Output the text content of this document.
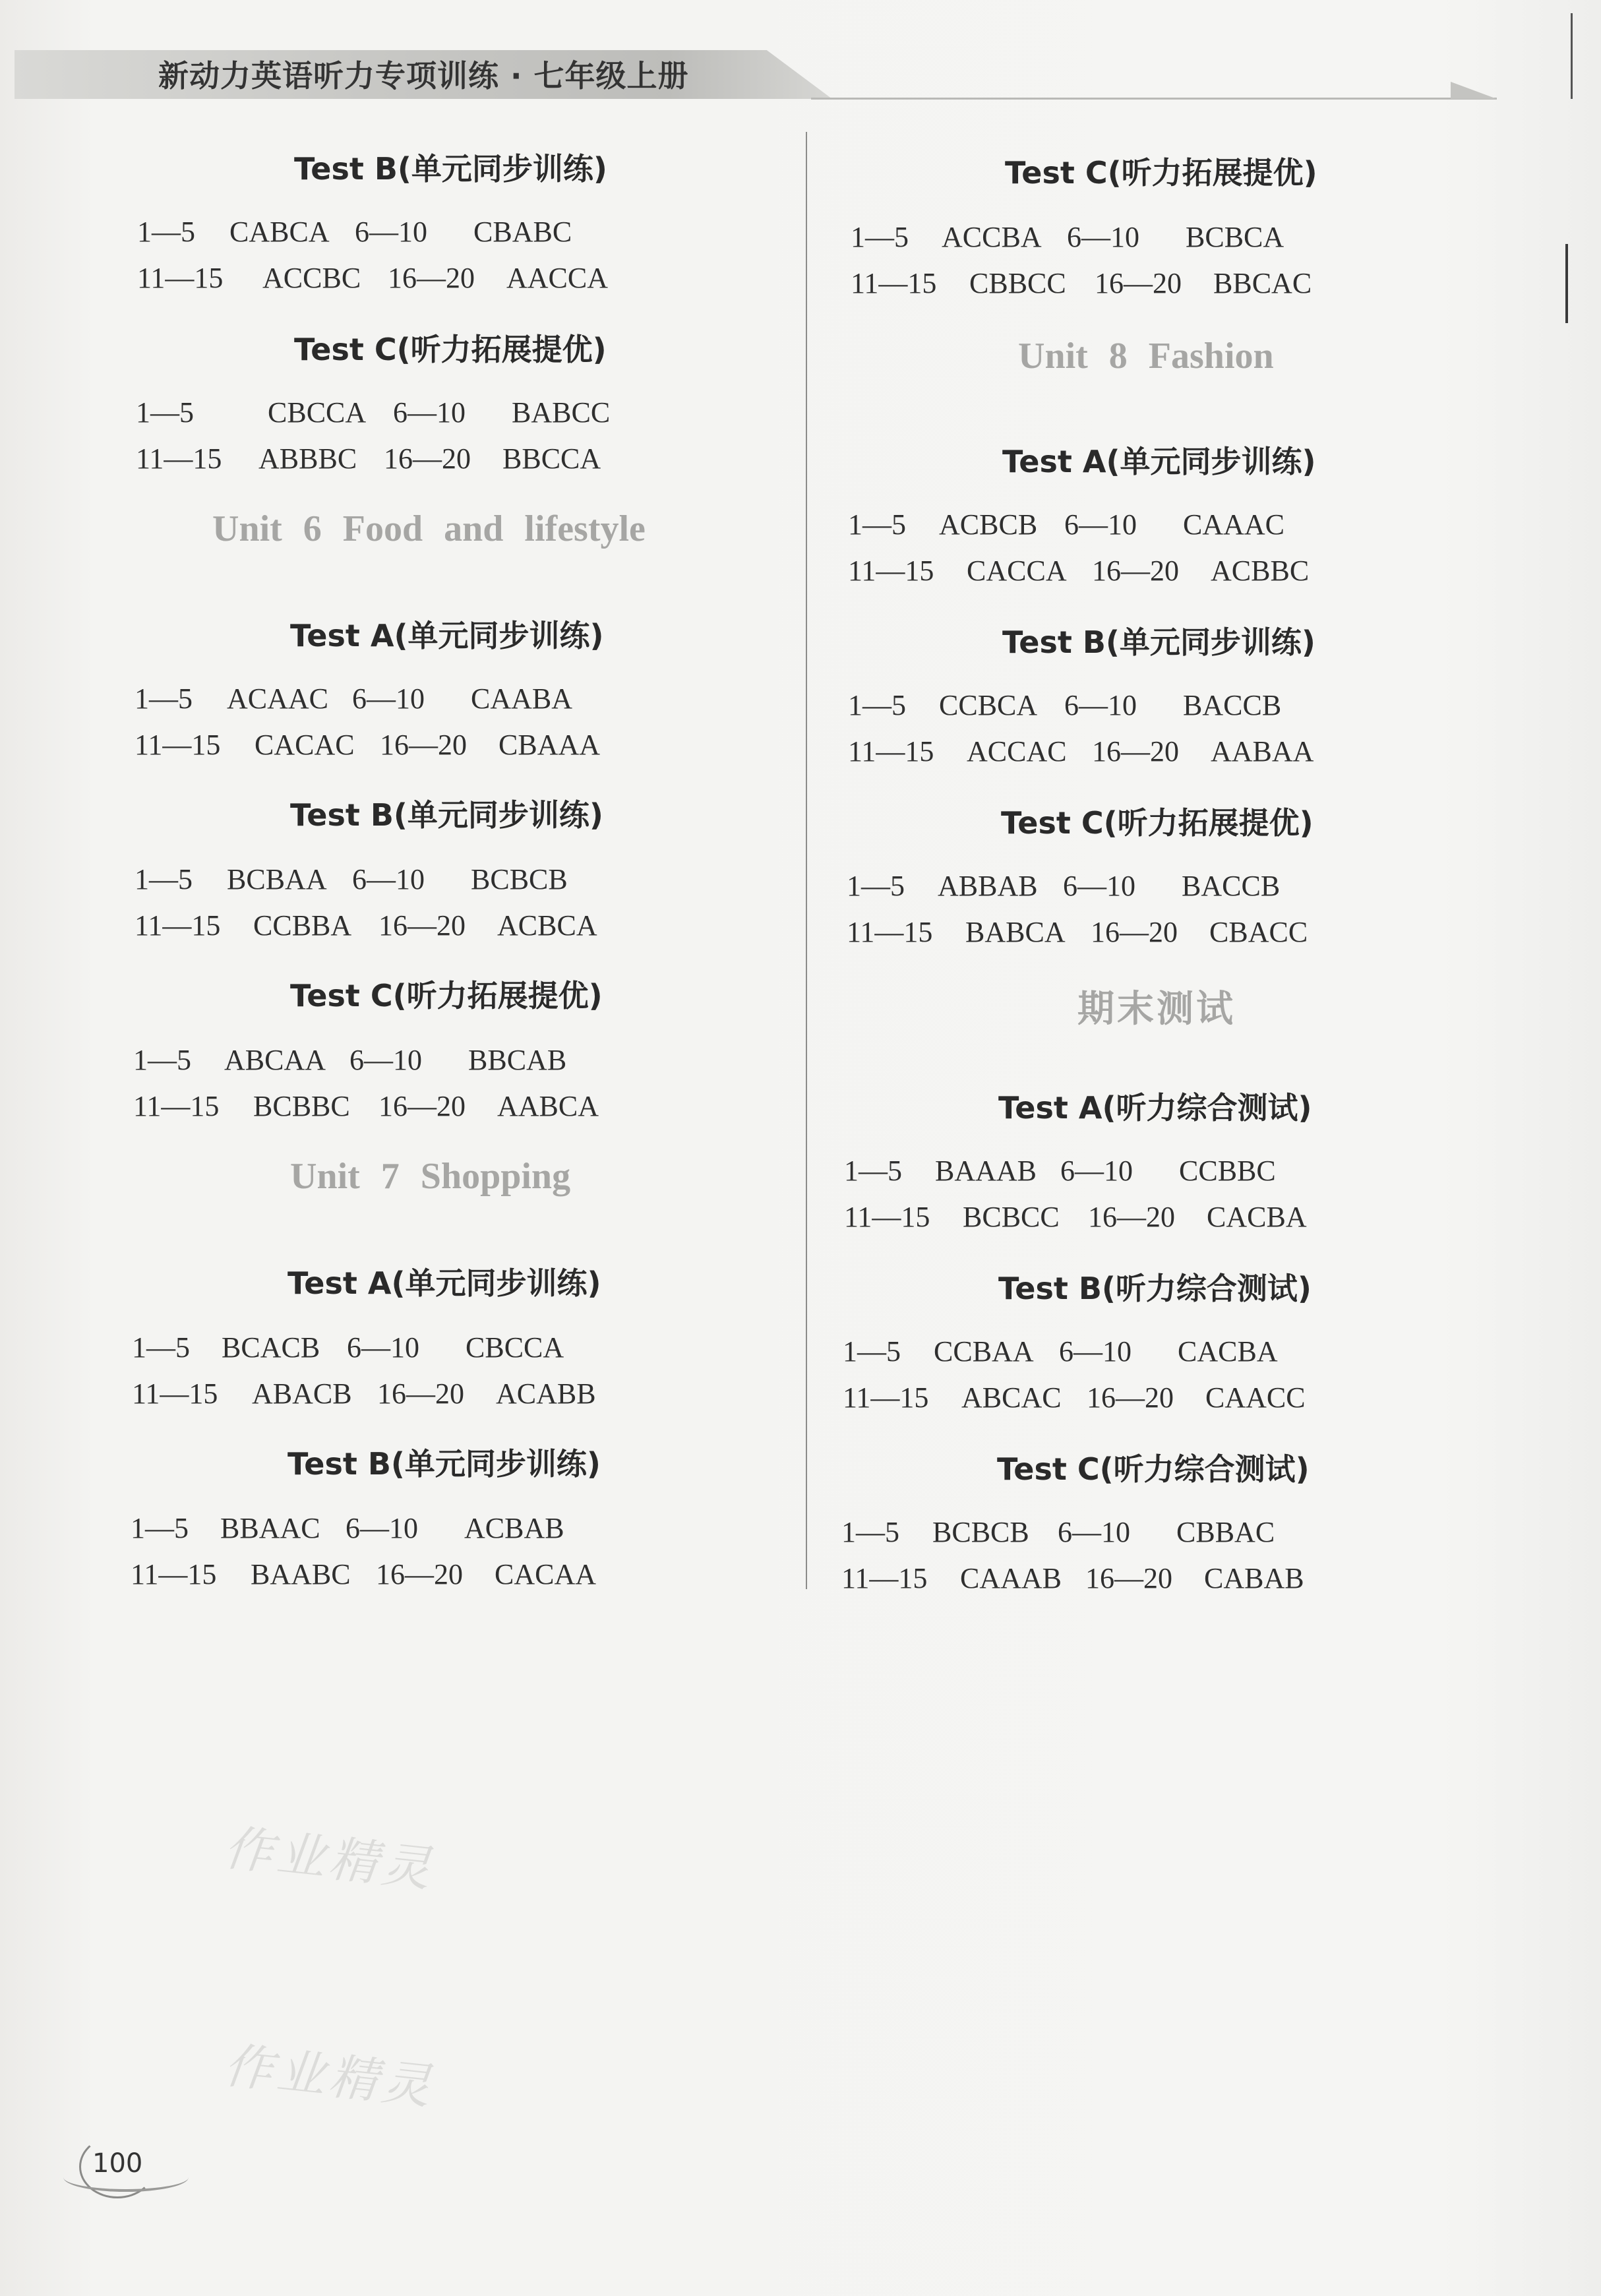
新动力英语听力专项训练 · 七年级上册
Test B(单元同步训练)
1—5 CABCA 6—10 CBABC
11—15 ACCBC 16—20 AACCA
Test C(听力拓展提优)
1—5	CBCCA 6—10 BABCC
11—15 ABBBC 16—20 BBCCA
Unit 6 Food and lifestyle
Test A(单元同步训练)
1—5 ACAAC 6—10 CAABA
11—15 CACAC 16—20 CBAAA
Test B(单元同步训练)
1—5 BCBAA 6—10 BCBCB
11—15 CCBBA 16—20 ACBCA
Test C(听力拓展提优)
1—5 ABCAA 6—10 BBCAB
11—15 BCBBC 16—20 AABCA
Unit 7 Shopping
Test A(单元同步训练)
1—5 BCACB 6—10 CBCCA
11—15 ABACB 16—20 ACABB
Test B(单元同步训练)
1—5 BBAAC 6—10 ACBAB
11—15 BAABC 16—20 CACAA
Test C(听力拓展提优)
1—5 ACCBA 6—10 BCBCA
11—15 CBBCC 16—20 BBCAC
Unit 8 Fashion
Test A(单元同步训练)
1—5 ACBCB 6—10 CAAAC
11—15 CACCA 16—20 ACBBC
Test B(单元同步训练)
1—5 CCBCA 6—10 BACCB
11—15 ACCAC 16—20 AABAA
Test C(听力拓展提优)
1—5 ABBAB 6—10 BACCB
11—15 BABCA 16—20 CBACC
期末测试
Test A(听力综合测试)
1—5 BAAAB 6—10 CCBBC
11—15 BCBCC 16—20 CACBA
Test B(听力综合测试)
1—5 CCBAA 6—10 CACBA
11—15 ABCAC 16—20 CAACC
Test C(听力综合测试)
1—5 BCBCB 6—10 CBBAC
11—15 CAAAB 16—20 CABAB
作业精灵
作业精灵
100
